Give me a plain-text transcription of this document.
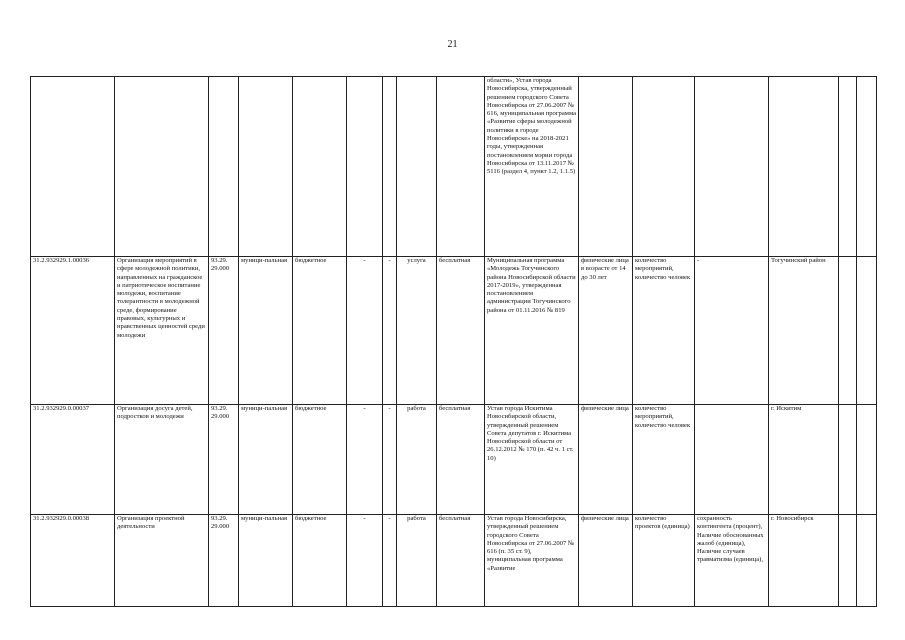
21
									области», Устав города Новосибирска, утвержденный решением городского Совета Новосибирска от 27.06.2007 № 616, муниципальная программа «Развитие сферы молодежной политики в городе Новосибирске» на 2018-2021 годы, утвержденная постановлением мэрии города Новосибирска от 13.11.2017 № 5116 (раздел 4, пункт 1.2, 1.1.5)						
31.2.932929.1.00036	Организация мероприятий в сфере молодежной политики, направленных на гражданское и патриотическое воспитание молодежи, воспитание толерантности в молодежной среде, формирование правовых, культурных и нравственных ценностей среди молодежи	93.29. 29.000	муници-пальная	бюджетное	-	-	услуга	бесплатная	Муниципальная программа «Молодежь Тогучинского района Новосибирской области 2017-2019», утвержденная постановлением администрации Тогучинского района от 01.11.2016 № 819	физические лица в возрасте от 14 до 30 лет	количество мероприятий, количество человек	-	Тогучинский район		
31.2.932929.0.00037	Организация досуга детей, подростков и молодежи	93.29. 29.000	муници-пальная	бюджетное	-	-	работа	бесплатная	Устав города Искитима Новосибирской области, утвержденный решением Совета депутатов г. Искитима Новосибирской области от 26.12.2012 № 170 (п. 42 ч. 1 ст. 10)	физические лица	количество мероприятий, количество человек		г. Искитим		
31.2.932929.0.00038	Организация проектной деятельности	93.29. 29.000	муници-пальная	бюджетное	-	-	работа	бесплатная	Устав города Новосибирска, утвержденный решением городского Совета Новосибирска от 27.06.2007 № 616 (п. 35 ст. 9), муниципальная программа «Развитие	физические лица	количество проектов (единица)	сохранность контингента (процент), Наличие обоснованных жалоб (единица), Наличие случаев травматизма (единица),	г. Новосибирск		
